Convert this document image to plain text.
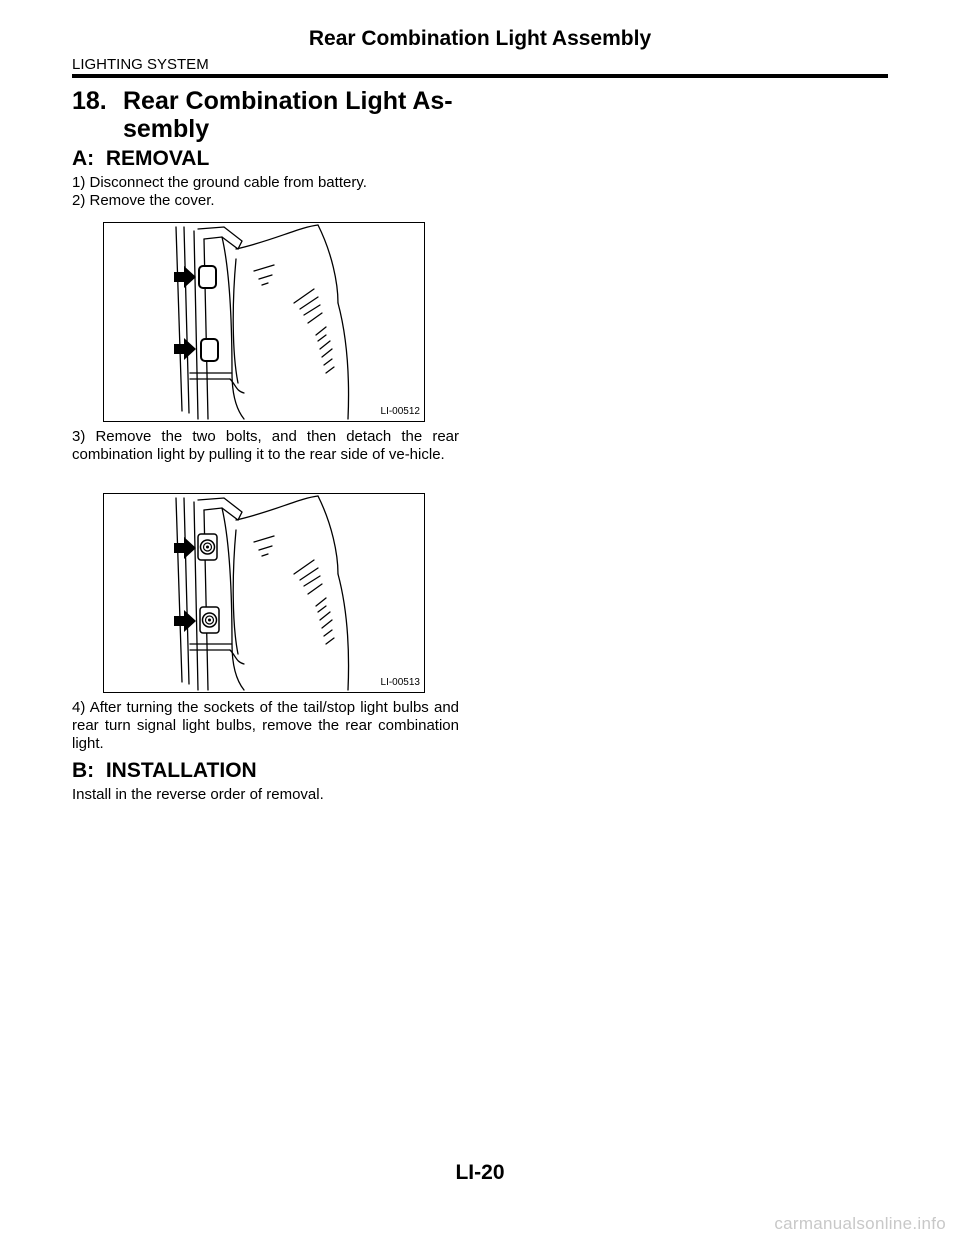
Rear Combination Light Assembly
LIGHTING SYSTEM
18. Rear Combination Light As-
sembly
A:  REMOVAL
1) Disconnect the ground cable from battery.
2) Remove the cover.
LI-00512
3) Remove the two bolts, and then detach the rear combination light by pulling it to the rear side of ve-hicle.
LI-00513
4) After turning the sockets of the tail/stop light bulbs and rear turn signal light bulbs, remove the rear combination light.
B:  INSTALLATION
Install in the reverse order of removal.
LI-20
carmanualsonline.info
